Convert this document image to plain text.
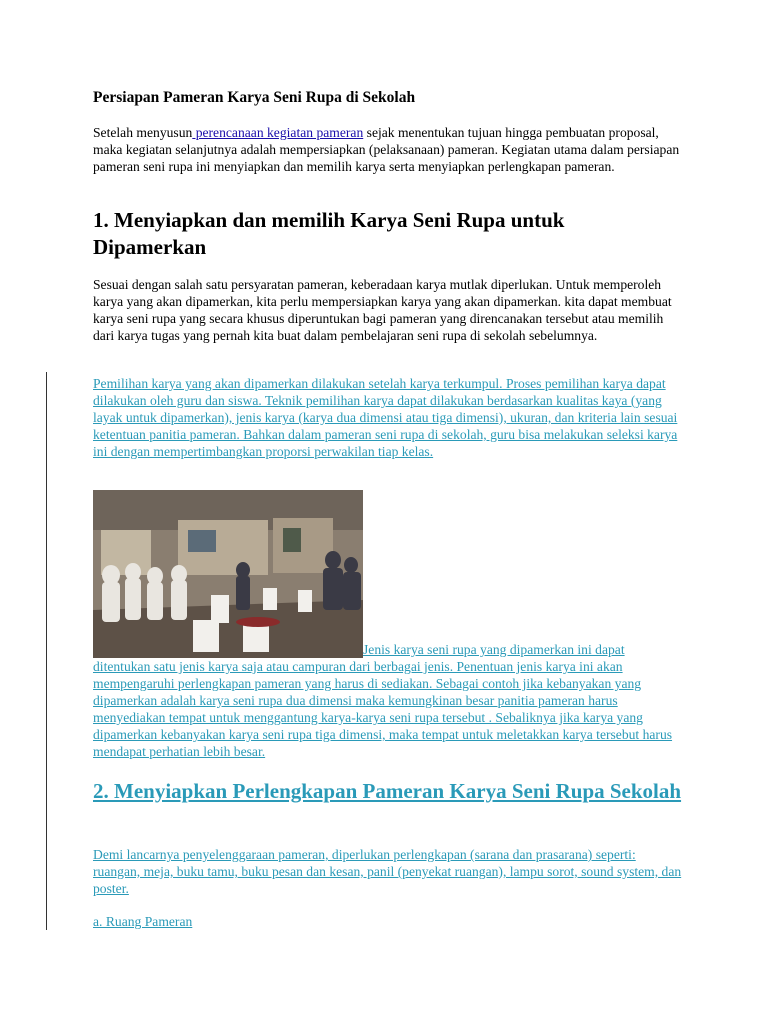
Persiapan Pameran Karya Seni Rupa di Sekolah

Setelah menyusun perencanaan kegiatan pameran sejak menentukan tujuan hingga pembuatan proposal, maka kegiatan selanjutnya adalah mempersiapkan (pelaksanaan) pameran. Kegiatan utama dalam persiapan pameran seni rupa ini menyiapkan dan memilih karya serta menyiapkan perlengkapan pameran.

1. Menyiapkan dan memilih Karya Seni Rupa untuk Dipamerkan

Sesuai dengan salah satu persyaratan pameran, keberadaan karya mutlak diperlukan. Untuk memperoleh karya yang akan dipamerkan, kita perlu mempersiapkan karya yang akan dipamerkan. kita dapat membuat karya seni rupa yang secara khusus diperuntukan bagi pameran yang direncanakan tersebut atau memilih dari karya tugas yang pernah kita buat dalam pembelajaran seni rupa di sekolah sebelumnya.

Pemilihan karya yang akan dipamerkan dilakukan setelah karya terkumpul. Proses pemilihan karya dapat dilakukan oleh guru dan siswa. Teknik pemilihan karya dapat dilakukan berdasarkan kualitas kaya (yang layak untuk dipamerkan), jenis karya (karya dua dimensi atau tiga dimensi), ukuran, dan kriteria lain sesuai ketentuan panitia pameran. Bahkan dalam pameran seni rupa di sekolah, guru bisa melakukan seleksi karya ini dengan mempertimbangkan proporsi perwakilan tiap kelas.

Jenis karya seni rupa yang dipamerkan ini dapat ditentukan satu jenis karya saja atau campuran dari berbagai jenis. Penentuan jenis karya ini akan mempengaruhi perlengkapan pameran yang harus di sediakan. Sebagai contoh jika kebanyakan yang dipamerkan adalah karya seni rupa dua dimensi maka kemungkinan besar panitia pameran harus menyediakan tempat untuk menggantung karya-karya seni rupa tersebut . Sebaliknya jika karya yang dipamerkan kebanyakan karya seni rupa tiga dimensi, maka tempat untuk meletakkan karya tersebut harus mendapat perhatian lebih besar.

2. Menyiapkan Perlengkapan Pameran Karya Seni Rupa Sekolah

Demi lancarnya penyelenggaraan pameran, diperlukan perlengkapan (sarana dan prasarana) seperti: ruangan, meja, buku tamu, buku pesan dan kesan, panil (penyekat ruangan), lampu sorot, sound system, dan poster.

a. Ruang Pameran
